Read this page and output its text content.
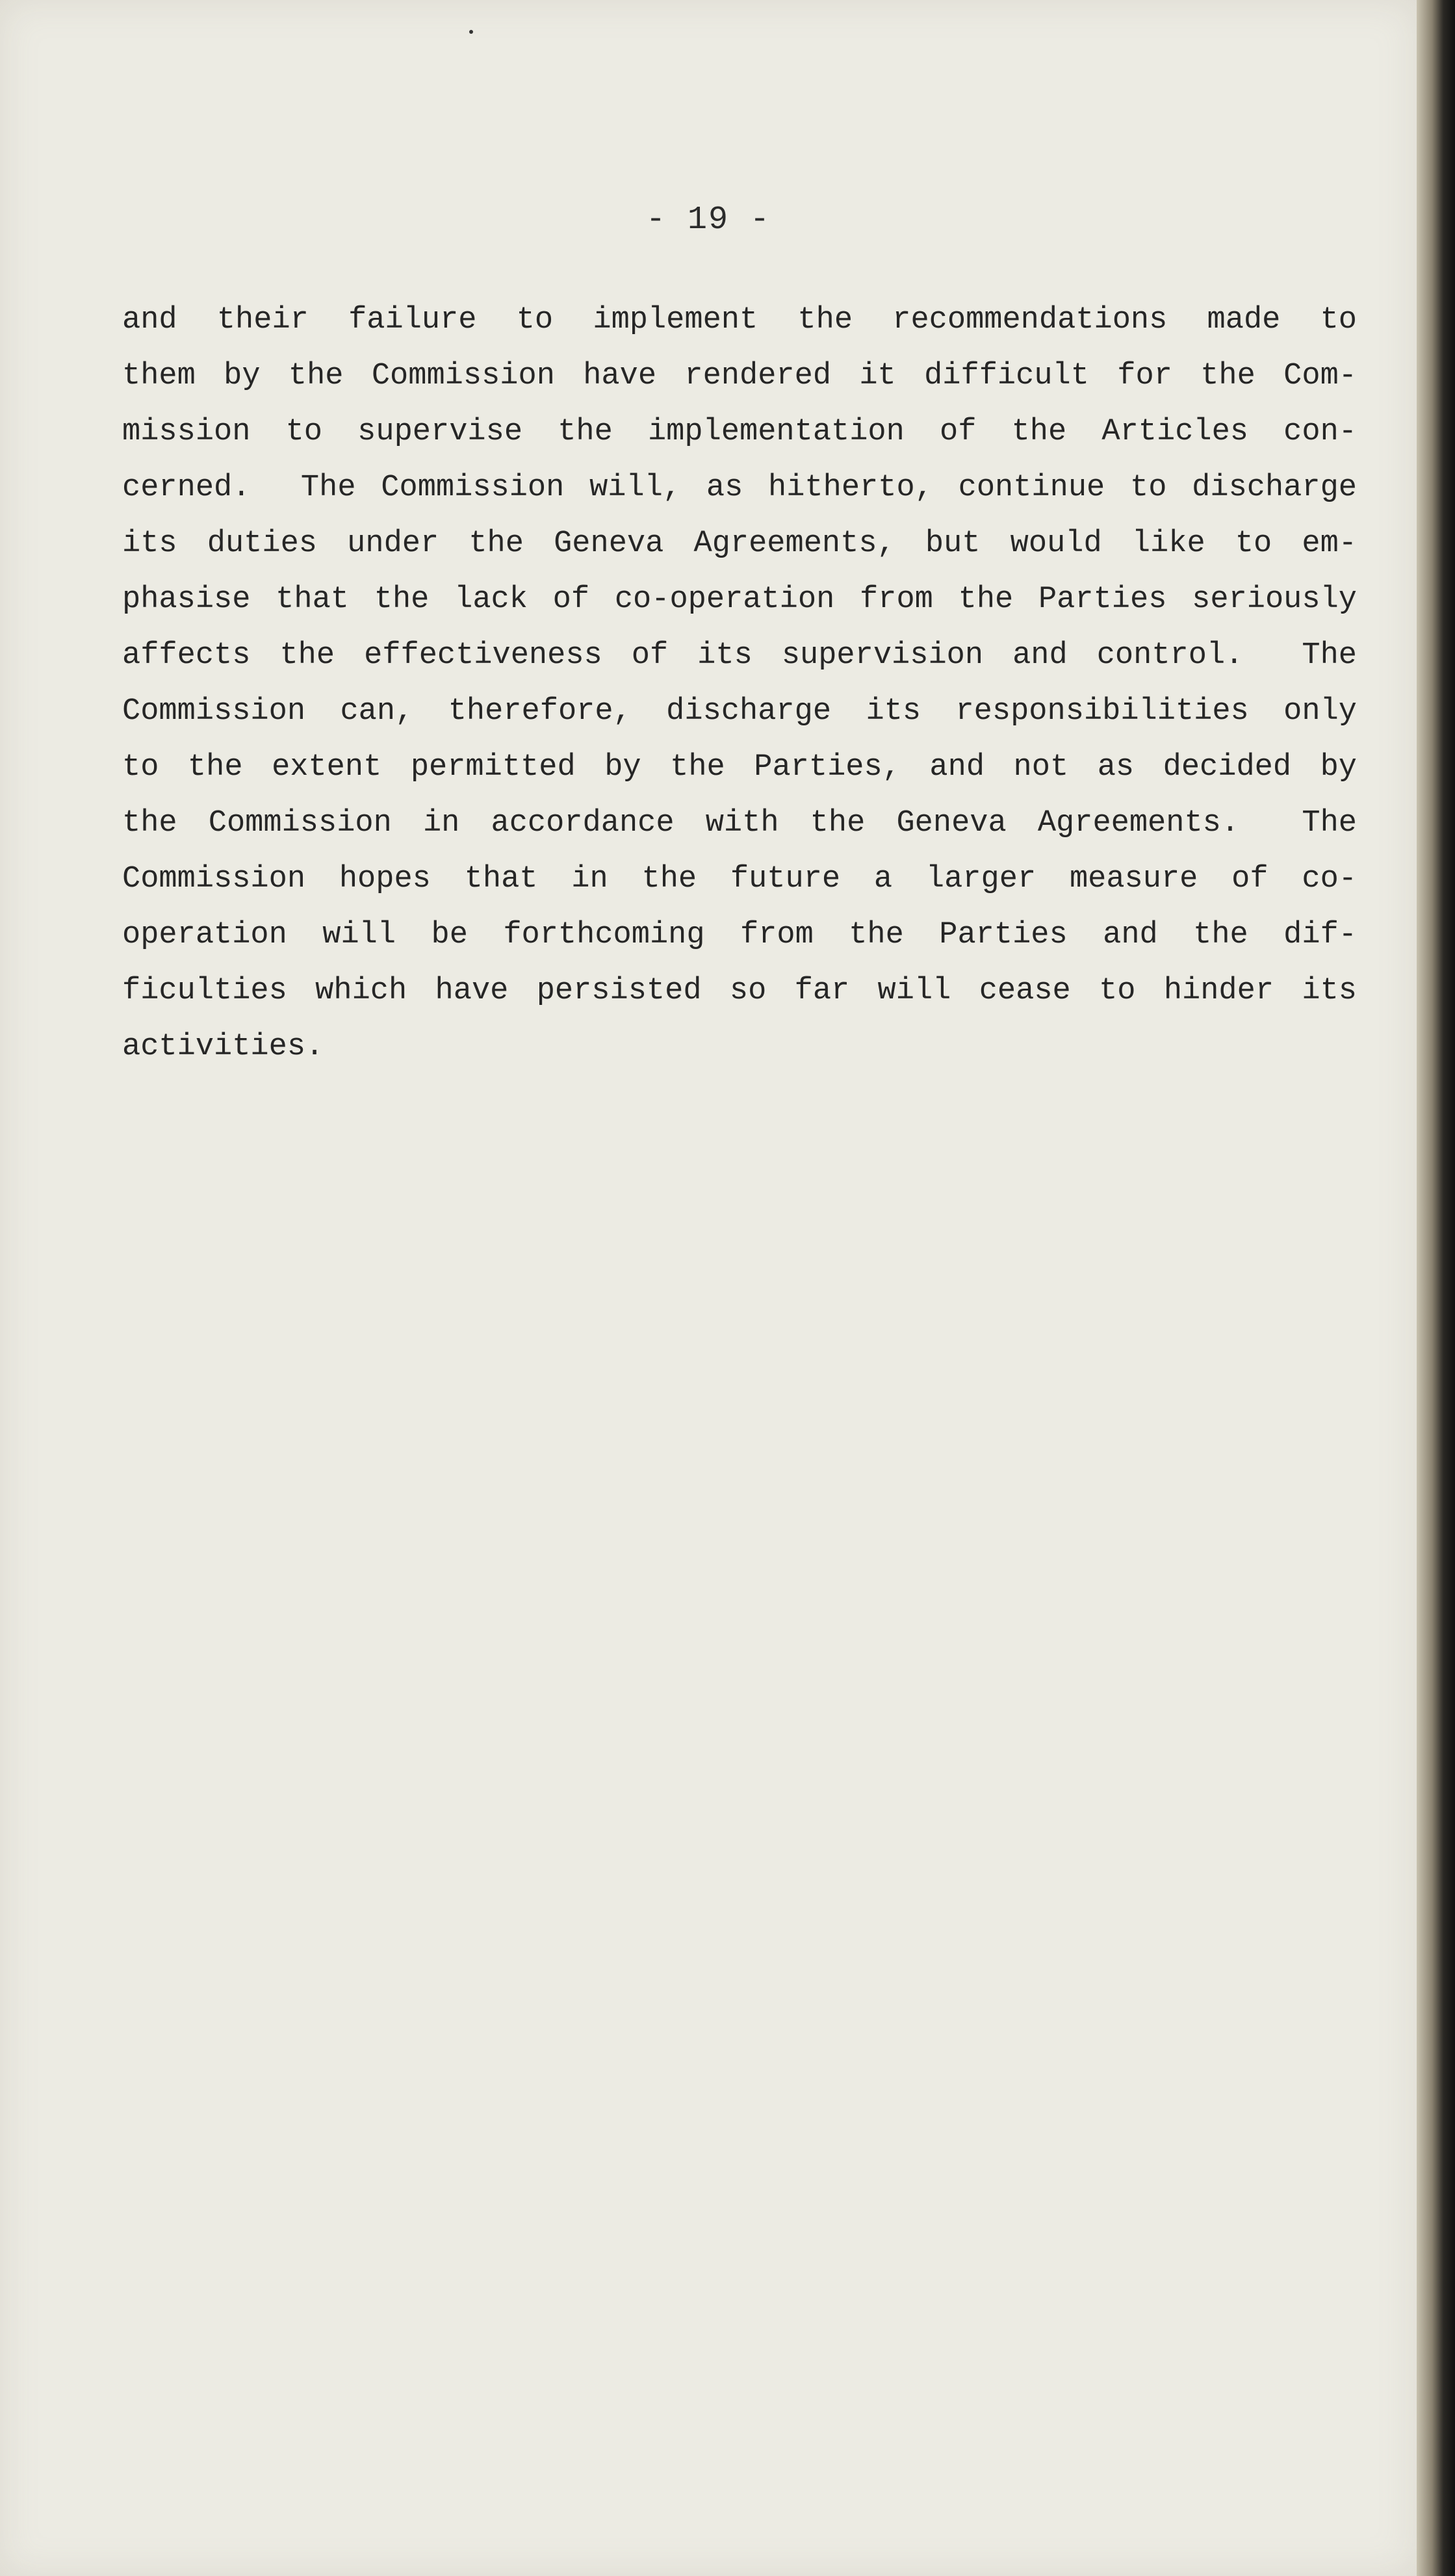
- 19 -
and their failure to implement the recommendations made to
them by the Commission have rendered it difficult for the Com-
mission to supervise the implementation of the Articles con-
cerned.  The Commission will, as hitherto, continue to discharge
its duties under the Geneva Agreements, but would like to em-
phasise that the lack of co-operation from the Parties seriously
affects the effectiveness of its supervision and control.  The
Commission can, therefore, discharge its responsibilities only
to the extent permitted by the Parties, and not as decided by
the Commission in accordance with the Geneva Agreements.  The
Commission hopes that in the future a larger measure of co-
operation will be forthcoming from the Parties and the dif-
ficulties which have persisted so far will cease to hinder its
activities.
